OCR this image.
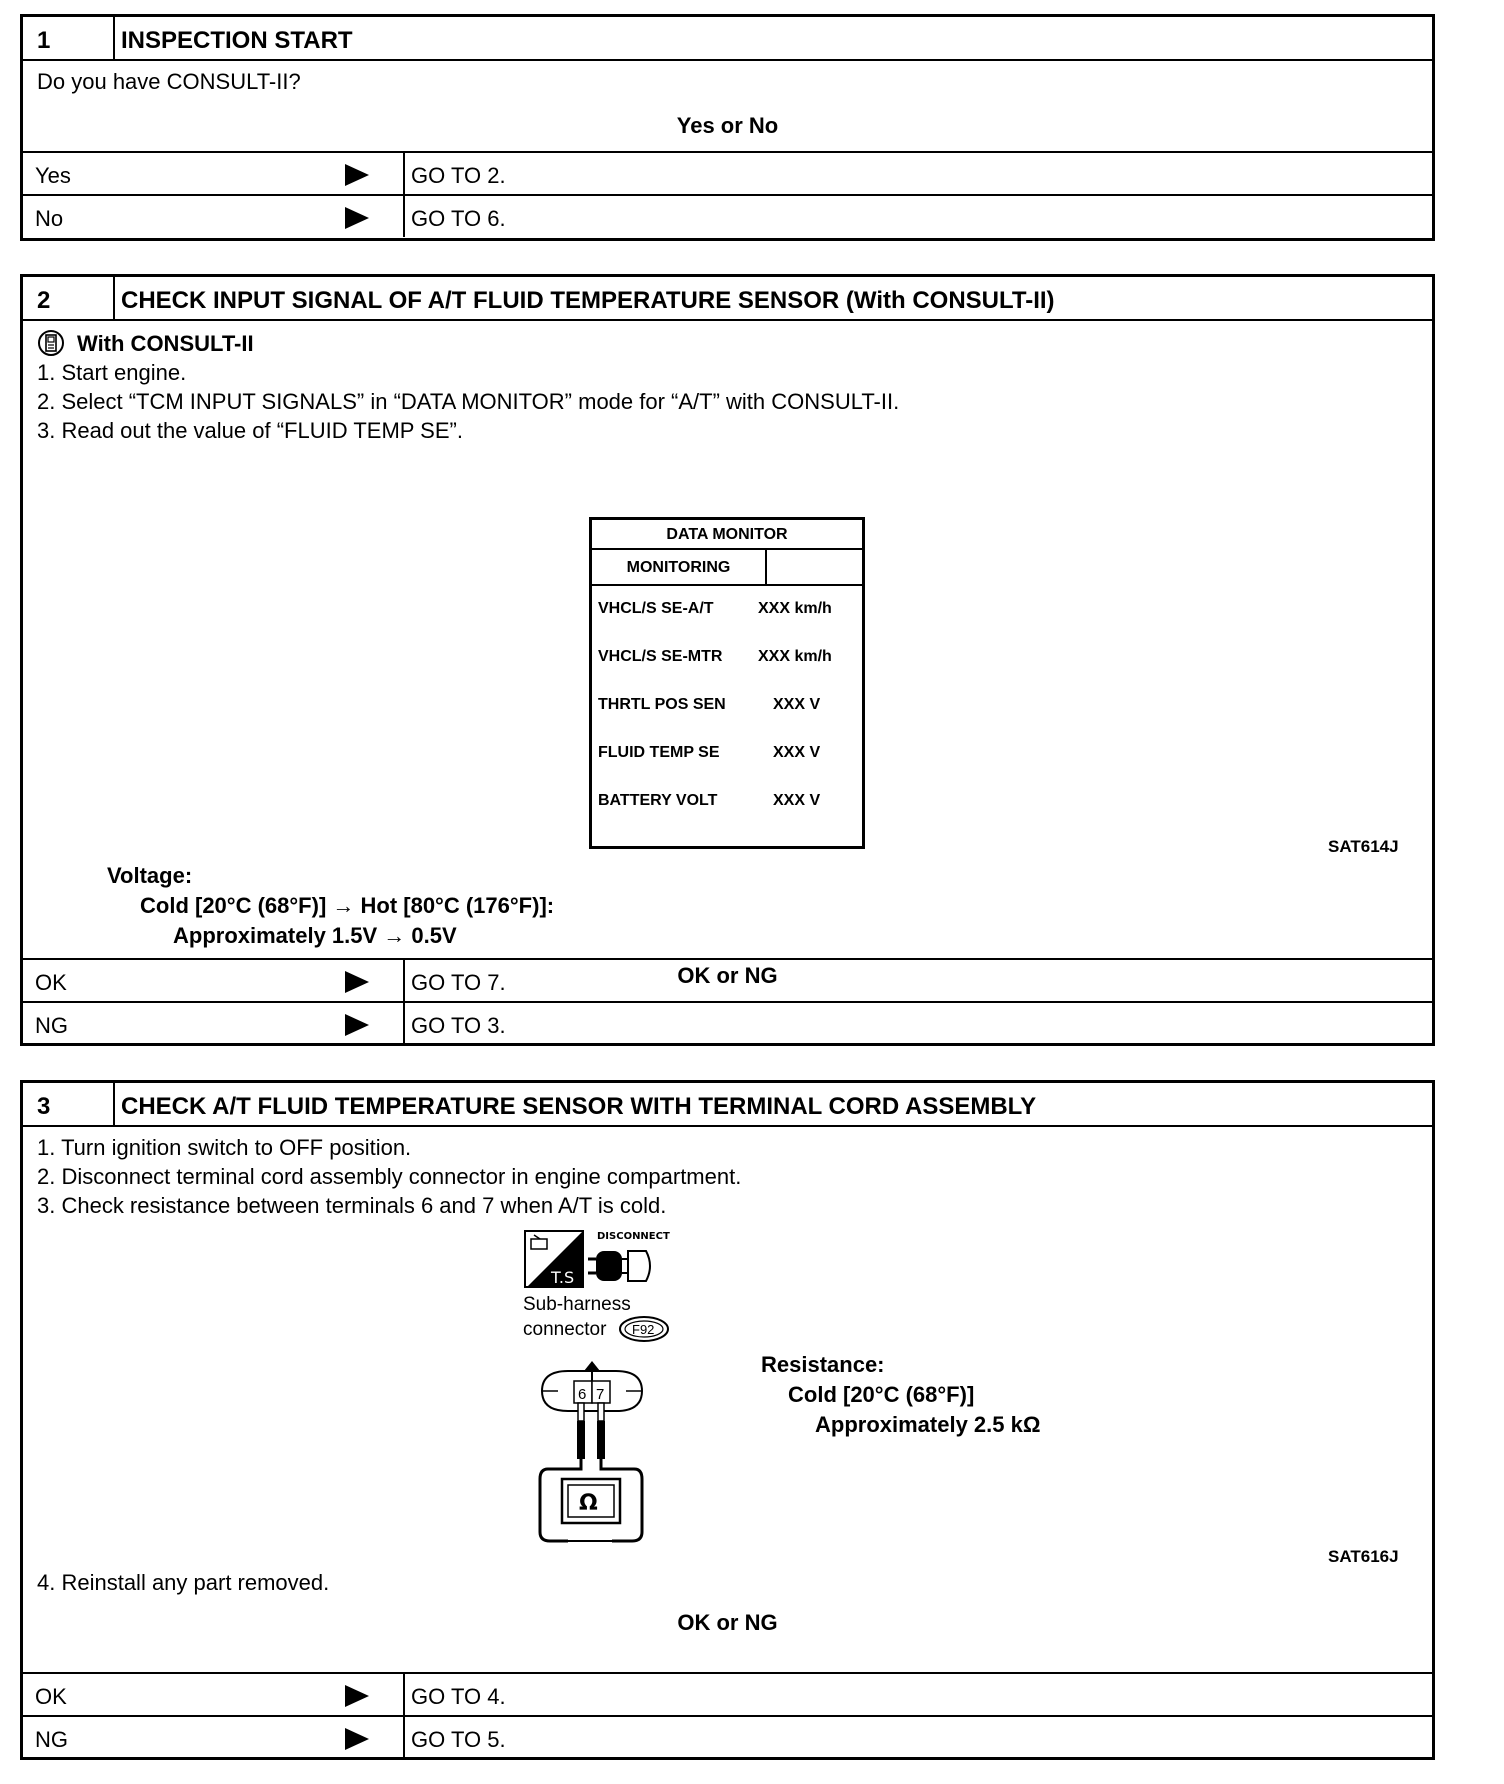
1	INSPECTION START
Do you have CONSULT-II?
Yes or No
Yes	GO TO 2.
No	GO TO 6.
2	CHECK INPUT SIGNAL OF A/T FLUID TEMPERATURE SENSOR (With CONSULT-II)
With CONSULT-II
1. Start engine.
2. Select “TCM INPUT SIGNALS” in “DATA MONITOR” mode for “A/T” with CONSULT-II.
3. Read out the value of “FLUID TEMP SE”.
DATA MONITOR
MONITORING
VHCL/S SE-A/T	XXX km/h
VHCL/S SE-MTR XXX km/h
THRTL POS SEN	XXX V
FLUID TEMP SE	XXX V
BATTERY VOLT	XXX V
SAT614J
Voltage:
Cold [20°C (68°F)] → Hot [80°C (176°F)]:
Approximately 1.5V → 0.5V
OK or NG
OK	GO TO 7.
NG	GO TO 3.
3	CHECK A/T FLUID TEMPERATURE SENSOR WITH TERMINAL CORD ASSEMBLY
1. Turn ignition switch to OFF position.
2. Disconnect terminal cord assembly connector in engine compartment.
3. Check resistance between terminals 6 and 7 when A/T is cold.
T.S
DISCONNECT
Sub-harness
connector F92
6 7
Ω
Resistance:
Cold [20°C (68°F)]
Approximately 2.5 kΩ
SAT616J
4. Reinstall any part removed.
OK or NG
OK	GO TO 4.
NG	GO TO 5.
